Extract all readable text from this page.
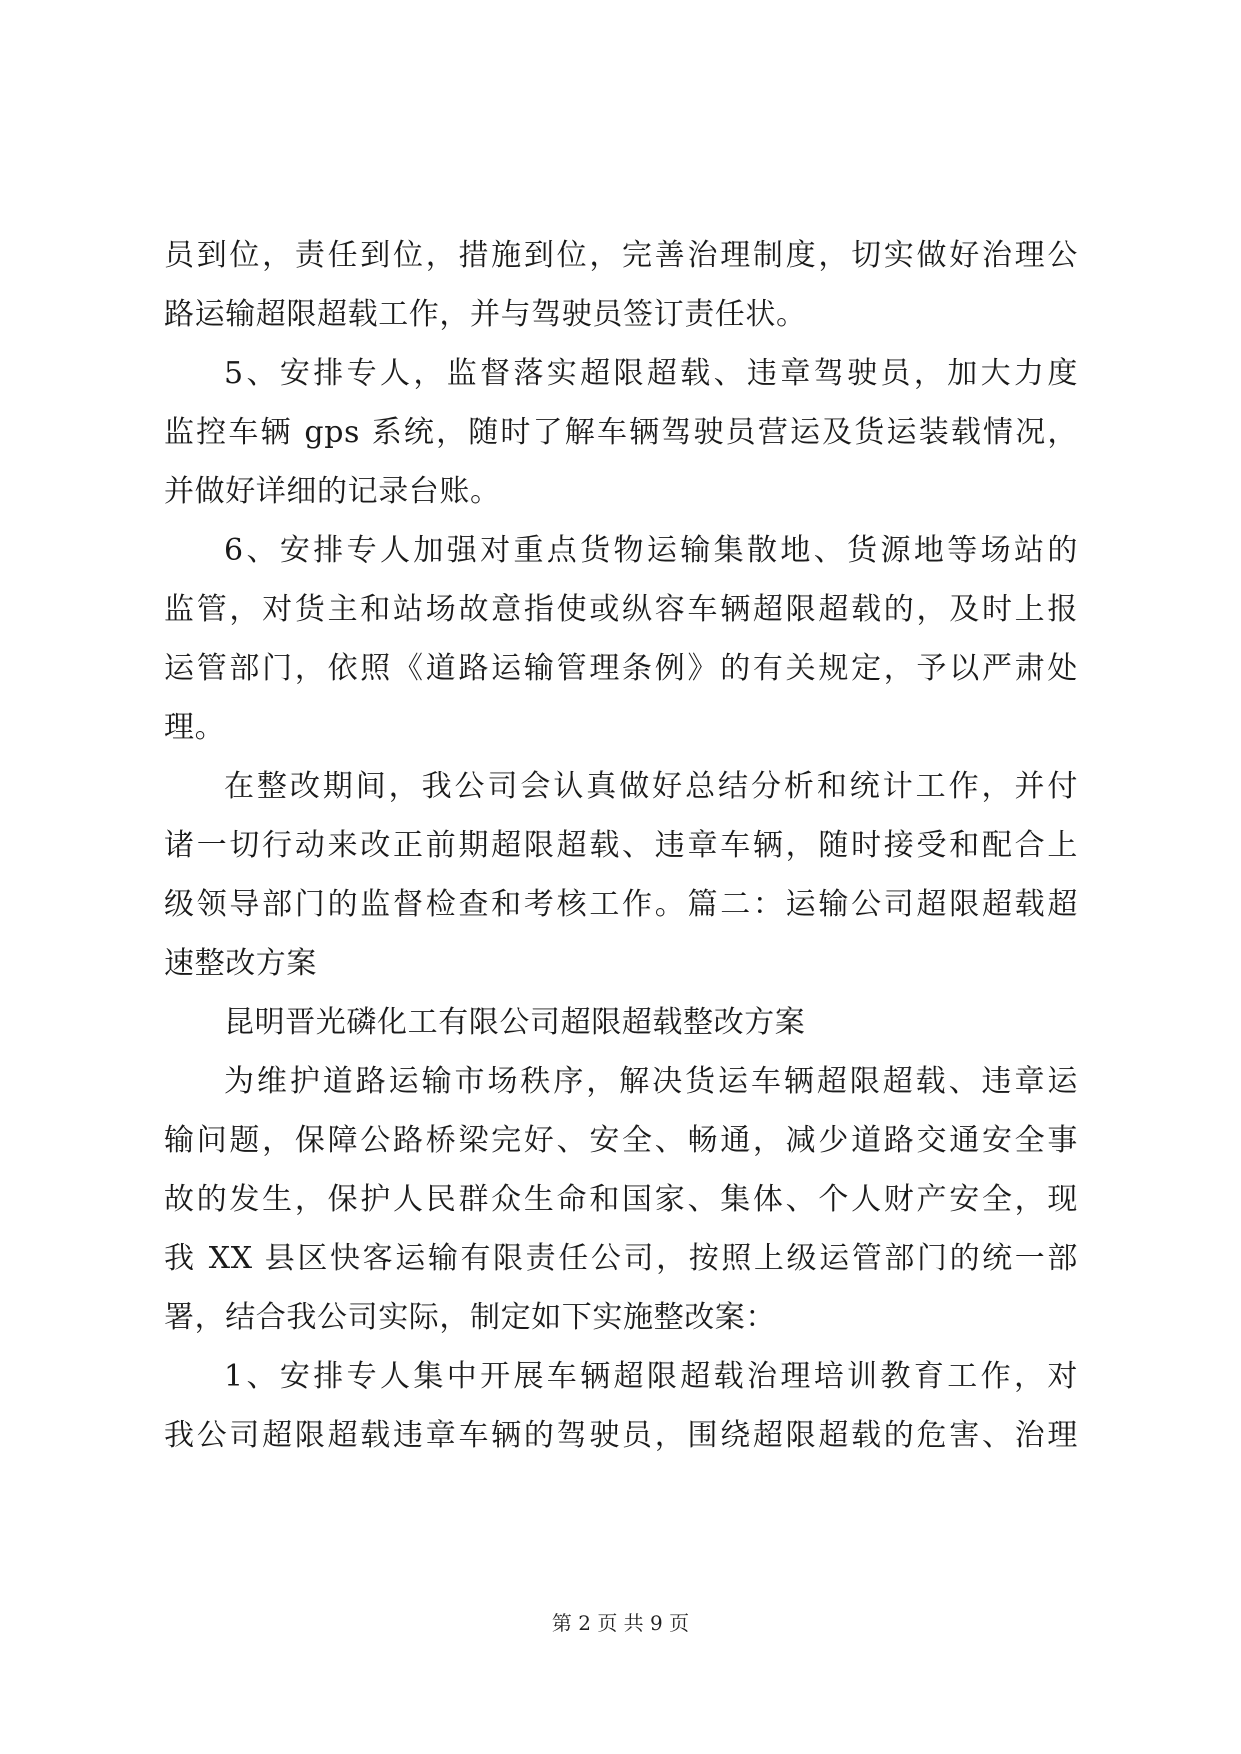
员到位，责任到位，措施到位，完善治理制度，切实做好治理公
路运输超限超载工作，并与驾驶员签订责任状。
5、安排专人，监督落实超限超载、违章驾驶员，加大力度
监控车辆 gps 系统，随时了解车辆驾驶员营运及货运装载情况，
并做好详细的记录台账。
6、安排专人加强对重点货物运输集散地、货源地等场站的
监管，对货主和站场故意指使或纵容车辆超限超载的，及时上报
运管部门，依照《道路运输管理条例》的有关规定，予以严肃处
理。
在整改期间，我公司会认真做好总结分析和统计工作，并付
诸一切行动来改正前期超限超载、违章车辆，随时接受和配合上
级领导部门的监督检查和考核工作。篇二：运输公司超限超载超
速整改方案
昆明晋光磷化工有限公司超限超载整改方案
为维护道路运输市场秩序，解决货运车辆超限超载、违章运
输问题，保障公路桥梁完好、安全、畅通，减少道路交通安全事
故的发生，保护人民群众生命和国家、集体、个人财产安全，现
我 XX 县区快客运输有限责任公司，按照上级运管部门的统一部
署，结合我公司实际，制定如下实施整改案：
1、安排专人集中开展车辆超限超载治理培训教育工作，对
我公司超限超载违章车辆的驾驶员，围绕超限超载的危害、治理
第 2 页 共 9 页
